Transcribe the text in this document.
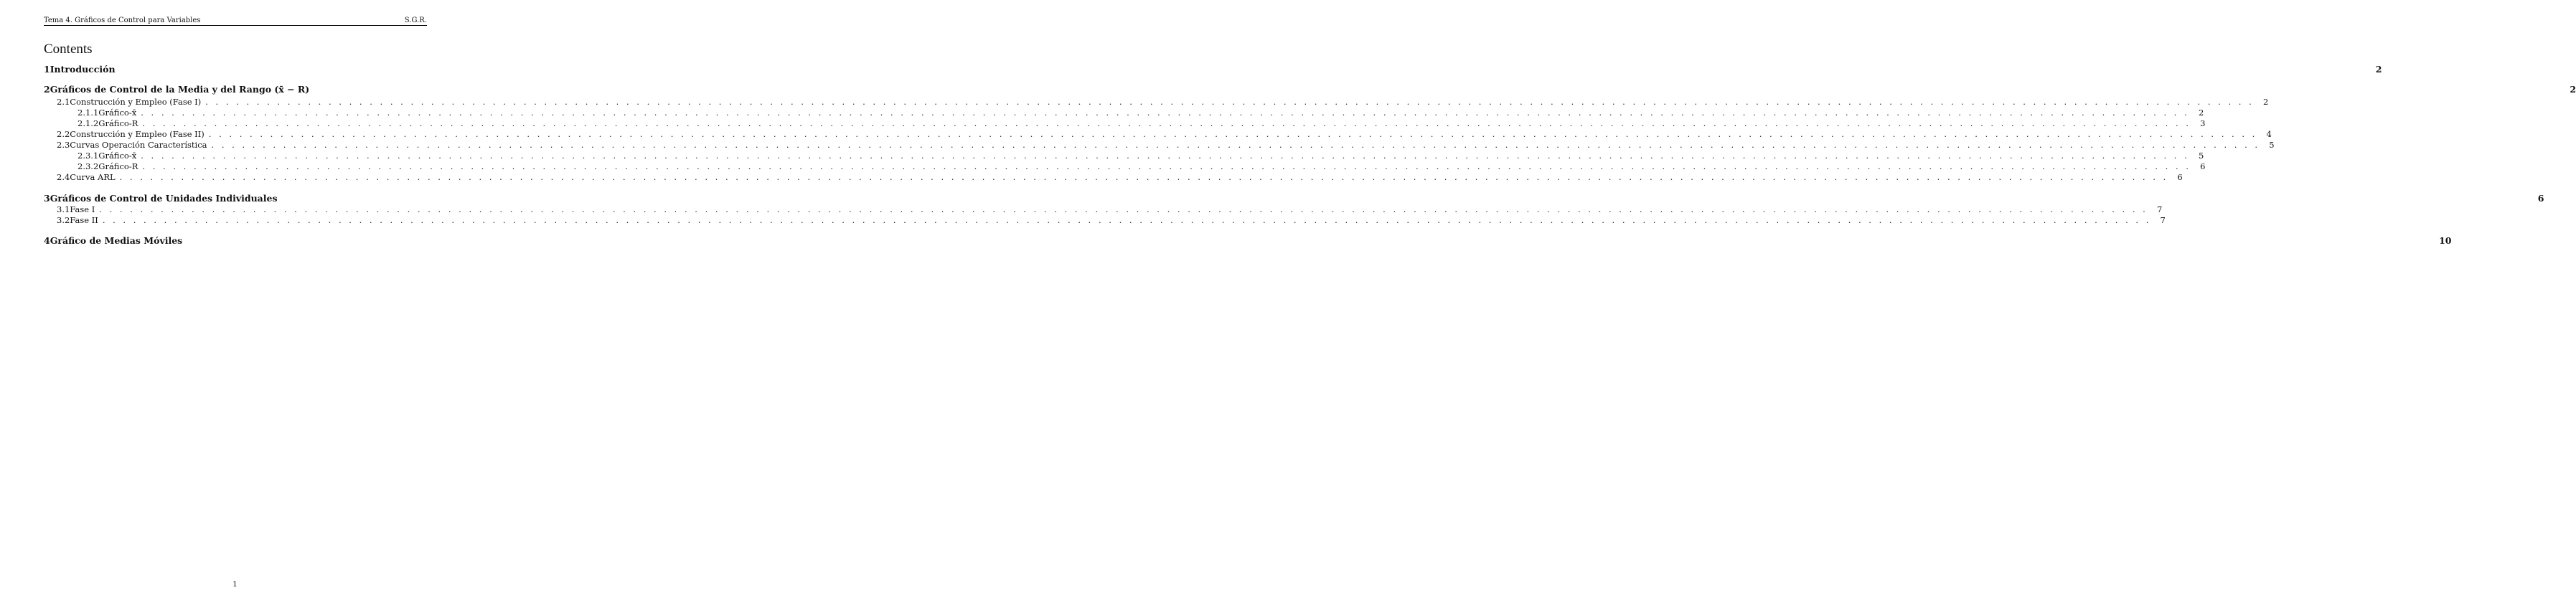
Tema 4. Gráficos de Control para Variables	S.G.R.
Contents
1 Introducción	2
2 Gráficos de Control de la Media y del Rango (x̄ − R)	2
2.1 Construcción y Empleo (Fase I) . . . . . . . . . . . . . . . . . . . . . . . . . . . . . . . . . . . . . . . . . . . . . . . . . . . . . . . . . . . . . . . . . . . . . . . . . . . . . . . . . . . . . . . . . . . . . . . . . . . . . . . . . . . . . . . . . . . . . . . . . . . . . . . . . . . . . . . . . . . . . . . . . . . . . . . . . . . . . . . . . . . . . . . . . . . . . . . . . . . . . . . . . . . . . . . . . . . . . . . .	2
2.1.1 Gráfico-x̄ . . . . . . . . . . . . . . . . . . . . . . . . . . . . . . . . . . . . . . . . . . . . . . . . . . . . . . . . . . . . . . . . . . . . . . . . . . . . . . . . . . . . . . . . . . . . . . . . . . . . . . . . . . . . . . . . . . . . . . . . . . . . . . . . . . . . . . . . . . . . . . . . . . . . . . . . . . . . . . . . . . . . . . . . . . . . . . . . . . . . . . . . . . . . . . . . . . . . . . . .	2
2.1.2 Gráfico-R . . . . . . . . . . . . . . . . . . . . . . . . . . . . . . . . . . . . . . . . . . . . . . . . . . . . . . . . . . . . . . . . . . . . . . . . . . . . . . . . . . . . . . . . . . . . . . . . . . . . . . . . . . . . . . . . . . . . . . . . . . . . . . . . . . . . . . . . . . . . . . . . . . . . . . . . . . . . . . . . . . . . . . . . . . . . . . . . . . . . . . . . . . . . . . . . . . . . . . . .	3
2.2 Construcción y Empleo (Fase II) . . . . . . . . . . . . . . . . . . . . . . . . . . . . . . . . . . . . . . . . . . . . . . . . . . . . . . . . . . . . . . . . . . . . . . . . . . . . . . . . . . . . . . . . . . . . . . . . . . . . . . . . . . . . . . . . . . . . . . . . . . . . . . . . . . . . . . . . . . . . . . . . . . . . . . . . . . . . . . . . . . . . . . . . . . . . . . . . . . . . . . . . . . . . . . . . . . . . . . . .	4
2.3 Curvas Operación Característica . . . . . . . . . . . . . . . . . . . . . . . . . . . . . . . . . . . . . . . . . . . . . . . . . . . . . . . . . . . . . . . . . . . . . . . . . . . . . . . . . . . . . . . . . . . . . . . . . . . . . . . . . . . . . . . . . . . . . . . . . . . . . . . . . . . . . . . . . . . . . . . . . . . . . . . . . . . . . . . . . . . . . . . . . . . . . . . . . . . . . . . . . . . . . . . . . . . . . . . .	5
2.3.1 Gráfico-x̄ . . . . . . . . . . . . . . . . . . . . . . . . . . . . . . . . . . . . . . . . . . . . . . . . . . . . . . . . . . . . . . . . . . . . . . . . . . . . . . . . . . . . . . . . . . . . . . . . . . . . . . . . . . . . . . . . . . . . . . . . . . . . . . . . . . . . . . . . . . . . . . . . . . . . . . . . . . . . . . . . . . . . . . . . . . . . . . . . . . . . . . . . . . . . . . . . . . . . . . . .	5
2.3.2 Gráfico-R . . . . . . . . . . . . . . . . . . . . . . . . . . . . . . . . . . . . . . . . . . . . . . . . . . . . . . . . . . . . . . . . . . . . . . . . . . . . . . . . . . . . . . . . . . . . . . . . . . . . . . . . . . . . . . . . . . . . . . . . . . . . . . . . . . . . . . . . . . . . . . . . . . . . . . . . . . . . . . . . . . . . . . . . . . . . . . . . . . . . . . . . . . . . . . . . . . . . . . . .	6
2.4 Curva ARL . . . . . . . . . . . . . . . . . . . . . . . . . . . . . . . . . . . . . . . . . . . . . . . . . . . . . . . . . . . . . . . . . . . . . . . . . . . . . . . . . . . . . . . . . . . . . . . . . . . . . . . . . . . . . . . . . . . . . . . . . . . . . . . . . . . . . . . . . . . . . . . . . . . . . . . . . . . . . . . . . . . . . . . . . . . . . . . . . . . . . . . . . . . . . . . . . . . . . . . .	6
3 Gráficos de Control de Unidades Individuales	6
3.1 Fase I . . . . . . . . . . . . . . . . . . . . . . . . . . . . . . . . . . . . . . . . . . . . . . . . . . . . . . . . . . . . . . . . . . . . . . . . . . . . . . . . . . . . . . . . . . . . . . . . . . . . . . . . . . . . . . . . . . . . . . . . . . . . . . . . . . . . . . . . . . . . . . . . . . . . . . . . . . . . . . . . . . . . . . . . . . . . . . . . . . . . . . . . . . . . . . . . . . . . . . . .	7
3.2 Fase II . . . . . . . . . . . . . . . . . . . . . . . . . . . . . . . . . . . . . . . . . . . . . . . . . . . . . . . . . . . . . . . . . . . . . . . . . . . . . . . . . . . . . . . . . . . . . . . . . . . . . . . . . . . . . . . . . . . . . . . . . . . . . . . . . . . . . . . . . . . . . . . . . . . . . . . . . . . . . . . . . . . . . . . . . . . . . . . . . . . . . . . . . . . . . . . . . . . . . . . .	7
4 Gráfico de Medias Móviles	10
1
